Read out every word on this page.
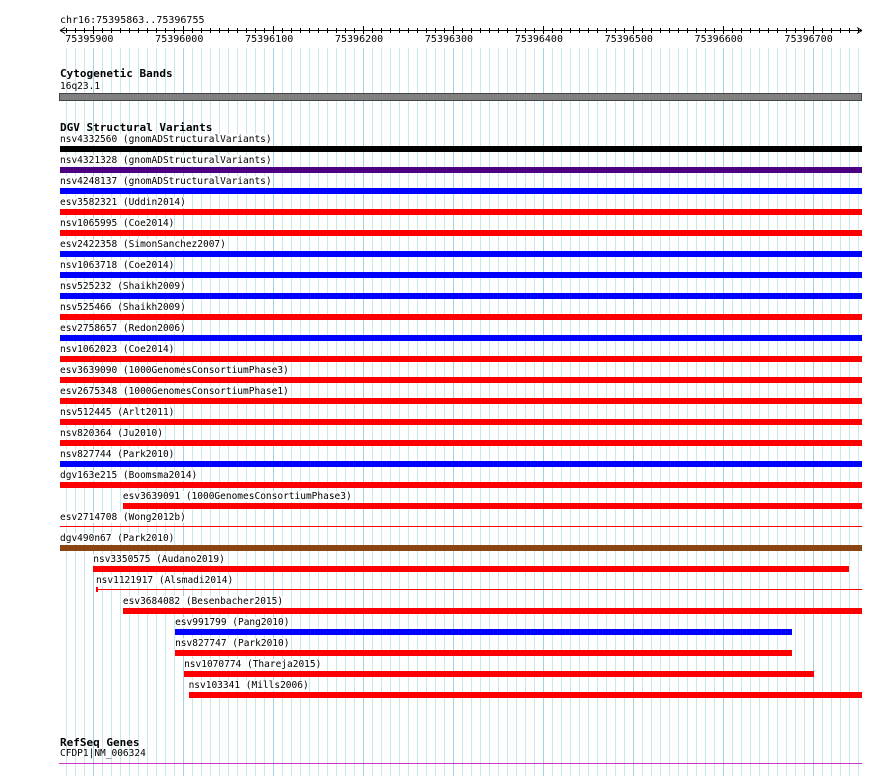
chr16:75395863..75396755
75395900	75396000	75396100	75396200	75396300	75396400	75396500	75396600	75396700
Cytogenetic Bands
16q23.1
DGV Structural Variants
nsv4332560 (gnomADStructuralVariants)
nsv4321328 (gnomADStructuralVariants)
nsv4248137 (gnomADStructuralVariants)
esv3582321 (Uddin2014)
nsv1065995 (Coe2014)
esv2422358 (SimonSanchez2007)
nsv1063718 (Coe2014)
nsv525232 (Shaikh2009)
nsv525466 (Shaikh2009)
esv2758657 (Redon2006)
nsv1062023 (Coe2014)
esv3639090 (1000GenomesConsortiumPhase3)
esv2675348 (1000GenomesConsortiumPhase1)
nsv512445 (Arlt2011)
nsv820364 (Ju2010)
nsv827744 (Park2010)
dgv163e215 (Boomsma2014)
esv3639091 (1000GenomesConsortiumPhase3)
esv2714708 (Wong2012b)
dgv490n67 (Park2010)
nsv3350575 (Audano2019)
nsv1121917 (Alsmadi2014)
esv3684082 (Besenbacher2015)
esv991799 (Pang2010)
nsv827747 (Park2010)
nsv1070774 (Thareja2015)
nsv103341 (Mills2006)
RefSeq Genes
CFDP1|NM_006324
